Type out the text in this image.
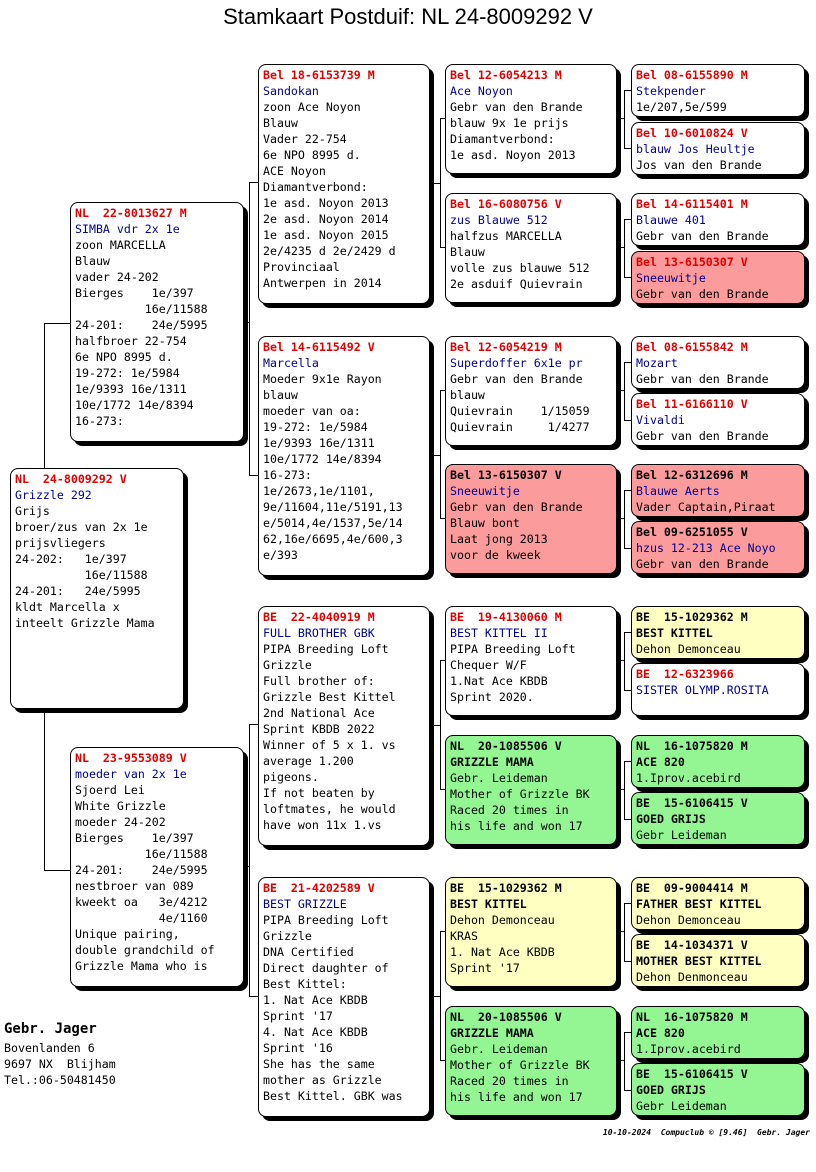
Stamkaart Postduif: NL 24-8009292 V
NL  24-8009292 V
Grizzle 292
Grijs
broer/zus van 2x 1e
prijsvliegers
24-202:   1e/397
16e/11588
24-201:   24e/5995
kldt Marcella x
inteelt Grizzle Mama
NL  22-8013627 M
SIMBA vdr 2x 1e
zoon MARCELLA
Blauw
vader 24-202
Bierges    1e/397
16e/11588
24-201:    24e/5995
halfbroer 22-754
6e NPO 8995 d.
19-272: 1e/5984
1e/9393 16e/1311
10e/1772 14e/8394
16-273:
NL  23-9553089 V
moeder van 2x 1e
Sjoerd Lei
White Grizzle
moeder 24-202
Bierges    1e/397
16e/11588
24-201:    24e/5995
nestbroer van 089
kweekt oa   3e/4212
4e/1160
Unique pairing,
double grandchild of
Grizzle Mama who is
Bel 18-6153739 M
Sandokan
zoon Ace Noyon
Blauw
Vader 22-754
6e NPO 8995 d.
ACE Noyon
Diamantverbond:
1e asd. Noyon 2013
2e asd. Noyon 2014
1e asd. Noyon 2015
2e/4235 d 2e/2429 d
Provinciaal
Antwerpen in 2014
Bel 14-6115492 V
Marcella
Moeder 9x1e Rayon
blauw
moeder van oa:
19-272: 1e/5984
1e/9393 16e/1311
10e/1772 14e/8394
16-273:
1e/2673,1e/1101,
9e/11604,11e/5191,13
e/5014,4e/1537,5e/14
62,16e/6695,4e/600,3
e/393
BE  22-4040919 M
FULL BROTHER GBK
PIPA Breeding Loft
Grizzle
Full brother of:
Grizzle Best Kittel
2nd National Ace
Sprint KBDB 2022
Winner of 5 x 1. vs
average 1.200
pigeons.
If not beaten by
loftmates, he would
have won 11x 1.vs
BE  21-4202589 V
BEST GRIZZLE
PIPA Breeding Loft
Grizzle
DNA Certified
Direct daughter of
Best Kittel:
1. Nat Ace KBDB
Sprint '17
4. Nat Ace KBDB
Sprint '16
She has the same
mother as Grizzle
Best Kittel. GBK was
Bel 12-6054213 M
Ace Noyon
Gebr van den Brande
blauw 9x 1e prijs
Diamantverbond:
1e asd. Noyon 2013
Bel 16-6080756 V
zus Blauwe 512
halfzus MARCELLA
Blauw
volle zus blauwe 512
2e asduif Quievrain
Bel 12-6054219 M
Superdoffer 6x1e pr
Gebr van den Brande
blauw
Quievrain    1/15059
Quievrain     1/4277
Bel 13-6150307 V
Sneeuwitje
Gebr van den Brande
Blauw bont
Laat jong 2013
voor de kweek
BE  19-4130060 M
BEST KITTEL II
PIPA Breeding Loft
Chequer W/F
1.Nat Ace KBDB
Sprint 2020.
NL  20-1085506 V
GRIZZLE MAMA
Gebr. Leideman
Mother of Grizzle BK
Raced 20 times in
his life and won 17
BE  15-1029362 M
BEST KITTEL
Dehon Demonceau
KRAS
1. Nat Ace KBDB
Sprint '17
NL  20-1085506 V
GRIZZLE MAMA
Gebr. Leideman
Mother of Grizzle BK
Raced 20 times in
his life and won 17
Bel 08-6155890 M
Stekpender
1e/207,5e/599
Bel 10-6010824 V
blauw Jos Heultje
Jos van den Brande
Bel 14-6115401 M
Blauwe 401
Gebr van den Brande
Bel 13-6150307 V
Sneeuwitje
Gebr van den Brande
Bel 08-6155842 M
Mozart
Gebr van den Brande
Bel 11-6166110 V
Vivaldi
Gebr van den Brande
Bel 12-6312696 M
Blauwe Aerts
Vader Captain,Piraat
Bel 09-6251055 V
hzus 12-213 Ace Noyo
Gebr van den Brande
BE  15-1029362 M
BEST KITTEL
Dehon Demonceau
BE  12-6323966
SISTER OLYMP.ROSITA
NL  16-1075820 M
ACE 820
1.Iprov.acebird
BE  15-6106415 V
GOED GRIJS
Gebr Leideman
BE  09-9004414 M
FATHER BEST KITTEL
Dehon Demonceau
BE  14-1034371 V
MOTHER BEST KITTEL
Dehon Denmonceau
NL  16-1075820 M
ACE 820
1.Iprov.acebird
BE  15-6106415 V
GOED GRIJS
Gebr Leideman
Gebr. Jager
Bovenlanden 6
9697 NX  Blijham
Tel.:06-50481450
10-10-2024  Compuclub © [9.46]  Gebr. Jager
